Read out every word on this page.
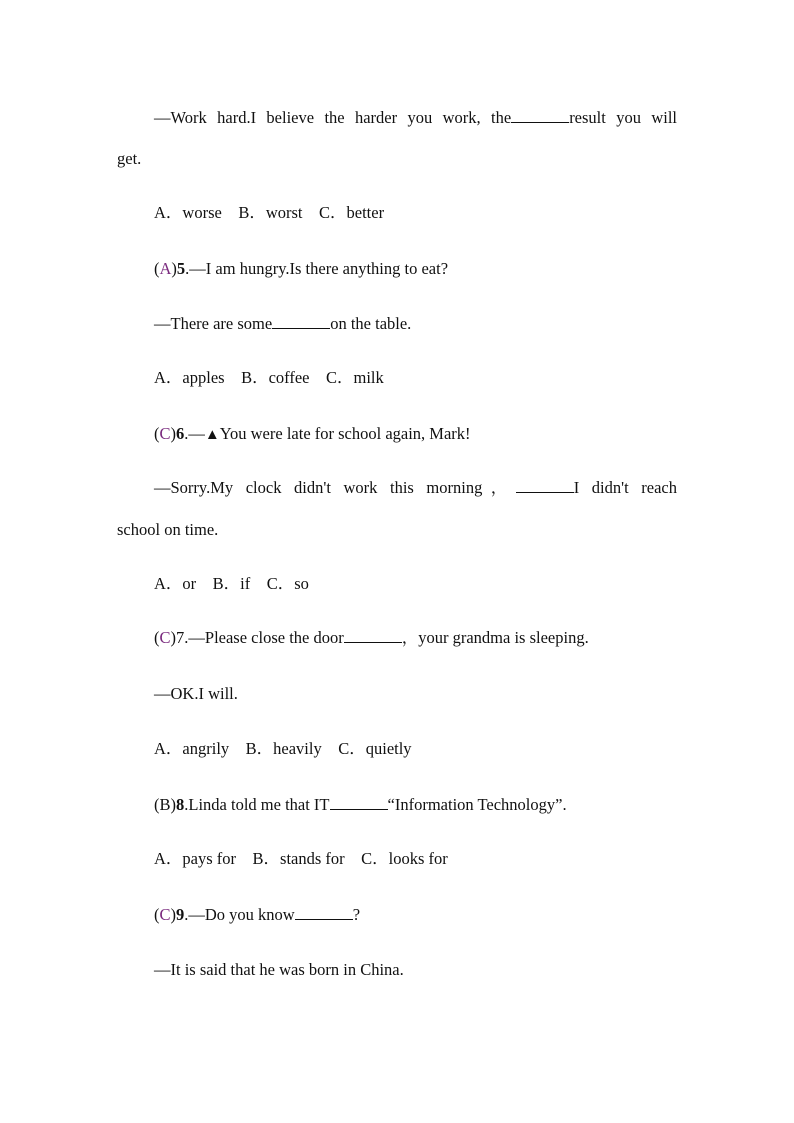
—Work hard.I believe the harder you work, the	result you will
get.
A．worse　B．worst　C．better
(A)5.—I am hungry.Is there anything to eat?
—There are some	on the table.
A．apples　B．coffee　C．milk
(C)6.—▲You were late for school again, Mark!
—Sorry.My clock didn't work this morning，	I didn't reach
school on time.
A．or　B．if　C．so
(C)7.—Please close the door	，your grandma is sleeping.
—OK.I will.
A．angrily　B．heavily　C．quietly
(B)8.Linda told me that IT	“Information Technology”.
A．pays for　B．stands for　C．looks for
(C)9.—Do you know	?
—It is said that he was born in China.
